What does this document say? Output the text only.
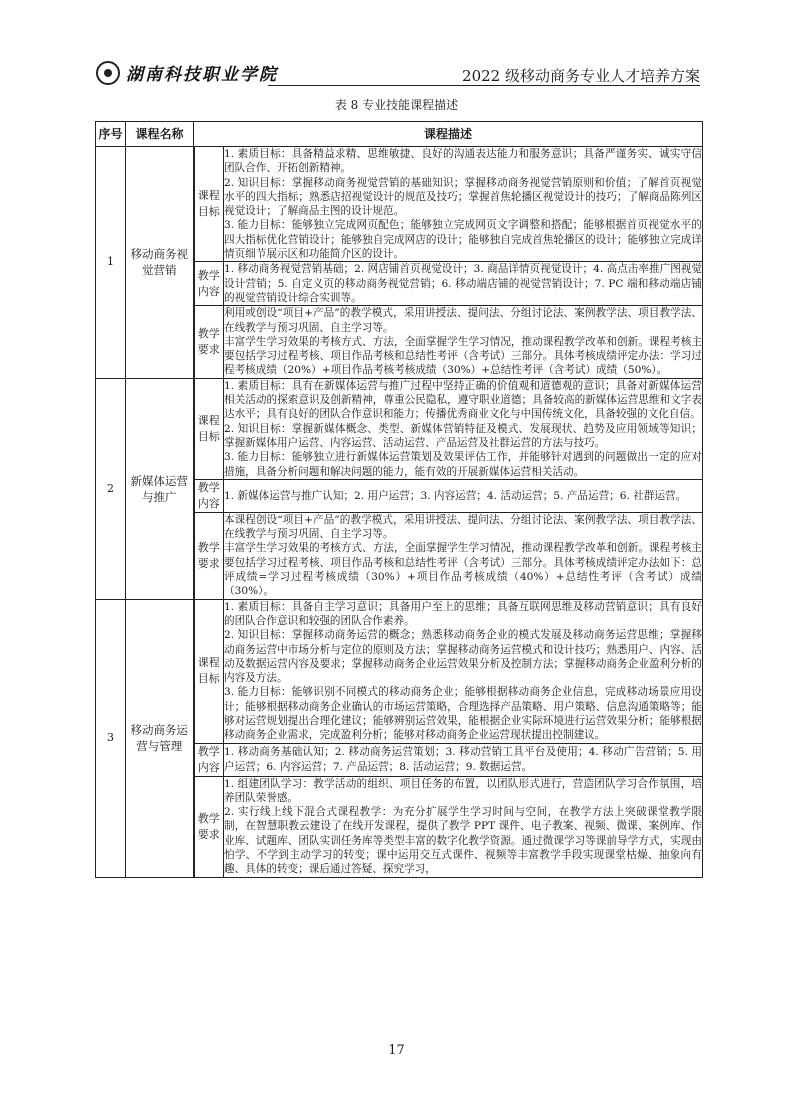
湖南科技职业学院	2022 级移动商务专业人才培养方案
表 8 专业技能课程描述
序号	课程名称	课程描述	
1	移动商务视觉营销	课程目标	1. 素质目标：具备精益求精、思维敏捷、良好的沟通表达能力和服务意识；具备严谨务实、诚实守信团队合作、开拓创新精神。
2. 知识目标：掌握移动商务视觉营销的基础知识；掌握移动商务视觉营销原则和价值；了解首页视觉水平的四大指标；熟悉店招视觉设计的规范及技巧；掌握首焦轮播区视觉设计的技巧；了解商品陈列区视觉设计；了解商品主图的设计规范。
3. 能力目标：能够独立完成网页配色；能够独立完成网页文字调整和搭配；能够根据首页视觉水平的四大指标优化营销设计；能够独自完成网店的设计；能够独自完成首焦轮播区的设计；能够独立完成详情页细节展示区和功能简介区的设计。

		教学内容	1. 移动商务视觉营销基础；2. 网店铺首页视觉设计；3. 商品详情页视觉设计；4. 高点击率推广图视觉设计营销；5. 自定义页的移动商务视觉营销；6. 移动端店铺的视觉营销设计；7. PC 端和移动端店铺的视觉营销设计综合实训等。

		教学要求	利用或创设“项目+产品”的教学模式，采用讲授法、提问法、分组讨论法、案例教学法、项目教学法、在线教学与预习巩固、自主学习等。
丰富学生学习效果的考核方式、方法，全面掌握学生学习情况，推动课程教学改革和创新。课程考核主要包括学习过程考核、项目作品考核和总结性考评（含考试）三部分。具体考核成绩评定办法：学习过程考核成绩（20%）+项目作品考核考核成绩（30%）+总结性考评（含考试）成绩（50%）。

2	新媒体运营与推广	课程目标	1. 素质目标：具有在新媒体运营与推广过程中坚持正确的价值观和道德观的意识；具备对新媒体运营相关活动的探索意识及创新精神，尊重公民隐私，遵守职业道德；具备较高的新媒体运营思维和文字表达水平；具有良好的团队合作意识和能力；传播优秀商业文化与中国传统文化，具备较强的文化自信。
2. 知识目标：掌握新媒体概念、类型、新媒体营销特征及模式、发展现状、趋势及应用领域等知识；掌握新媒体用户运营、内容运营、活动运营、产品运营及社群运营的方法与技巧。
3. 能力目标：能够独立进行新媒体运营策划及效果评估工作，并能够针对遇到的问题做出一定的应对措施，具备分析问题和解决问题的能力，能有效的开展新媒体运营相关活动。

		教学内容	1. 新媒体运营与推广认知；2. 用户运营；3. 内容运营；4. 活动运营；5. 产品运营；6. 社群运营。

		教学要求	本课程创设“项目+产品”的教学模式，采用讲授法、提问法、分组讨论法、案例教学法、项目教学法、在线教学与预习巩固、自主学习等。
丰富学生学习效果的考核方式、方法，全面掌握学生学习情况，推动课程教学改革和创新。课程考核主要包括学习过程考核、项目作品考核和总结性考评（含考试）三部分。具体考核成绩评定办法如下：总评成绩=学习过程考核成绩（30%）+项目作品考核成绩（40%）+总结性考评（含考试）成绩（30%）。

3	移动商务运营与管理	课程目标	1. 素质目标：具备自主学习意识；具备用户至上的思维；具备互联网思维及移动营销意识；具有良好的团队合作意识和较强的团队合作素养。
2. 知识目标：掌握移动商务运营的概念；熟悉移动商务企业的模式发展及移动商务运营思维；掌握移动商务运营中市场分析与定位的原则及方法；掌握移动商务运营模式和设计技巧；熟悉用户、内容、活动及数据运营内容及要求；掌握移动商务企业运营效果分析及控制方法；掌握移动商务企业盈利分析的内容及方法。
3. 能力目标：能够识别不同模式的移动商务企业；能够根据移动商务企业信息，完成移动场景应用设计；能够根据移动商务企业确认的市场运营策略，合理选择产品策略、用户策略、信息沟通策略等；能够对运营规划提出合理化建议；能够辨别运营效果，能根据企业实际环境进行运营效果分析；能够根据移动商务企业需求，完成盈利分析；能够对移动商务企业运营现状提出控制建议。

		教学内容	1. 移动商务基础认知；2. 移动商务运营策划；3. 移动营销工具平台及使用；4. 移动广告营销；5. 用户运营；6. 内容运营；7. 产品运营；8. 活动运营；9. 数据运营。

		教学要求	1. 组建团队学习：教学活动的组织、项目任务的布置，以团队形式进行，营造团队学习合作氛围，培养团队荣誉感。
2. 实行线上线下混合式课程教学：为充分扩展学生学习时间与空间，在教学方法上突破课堂教学限制，在智慧职教云建设了在线开发课程，提供了教学 PPT 课件、电子教案、视频、微课、案例库、作业库、试题库、团队实训任务库等类型丰富的数字化教学资源。通过微课学习等课前导学方式，实现由怕学、不学到主动学习的转变；课中运用交互式课件、视频等丰富教学手段实现课堂枯燥、抽象向有趣、具体的转变；课后通过答疑、探究学习，
17
